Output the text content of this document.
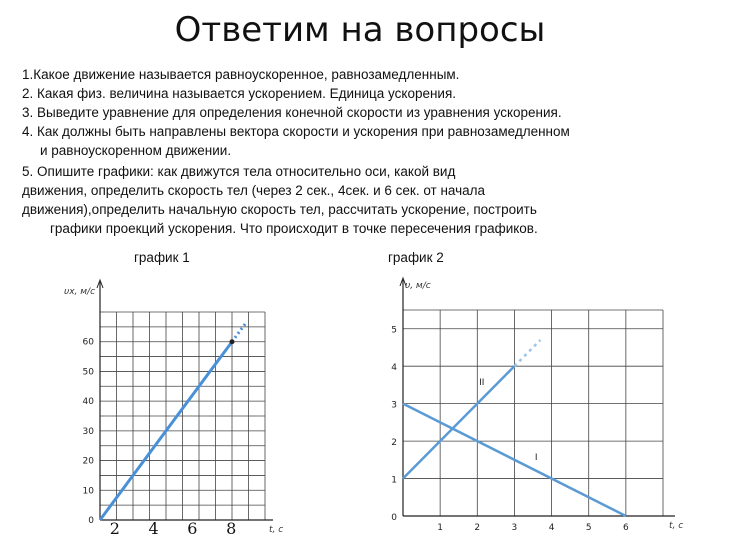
Ответим на вопросы
1.Какое движение называется равноускоренное, равнозамедленным.
2. Какая физ. величина называется ускорением. Единица ускорения.
3. Выведите уравнение для определения конечной скорости из уравнения ускорения.
4. Как должны быть направлены вектора скорости и ускорения при равнозамедленном
и равноускоренном движении.
5. Опишите графики: как движутся тела относительно оси, какой вид
движения, определить скорость тел (через 2 сек., 4сек. и 6 сек. от начала
движения),определить начальную скорость тел, рассчитать ускорение, построить
графики проекций ускорения. Что происходит в точке пересечения графиков.
график 1	график 2
0
10
20
30
40
50
60
2 4 6 8
υx, м/с
t, с
0
1
2
3
4
5
1	2	3	4	5	6
υ, м/с
t, с
II
I
